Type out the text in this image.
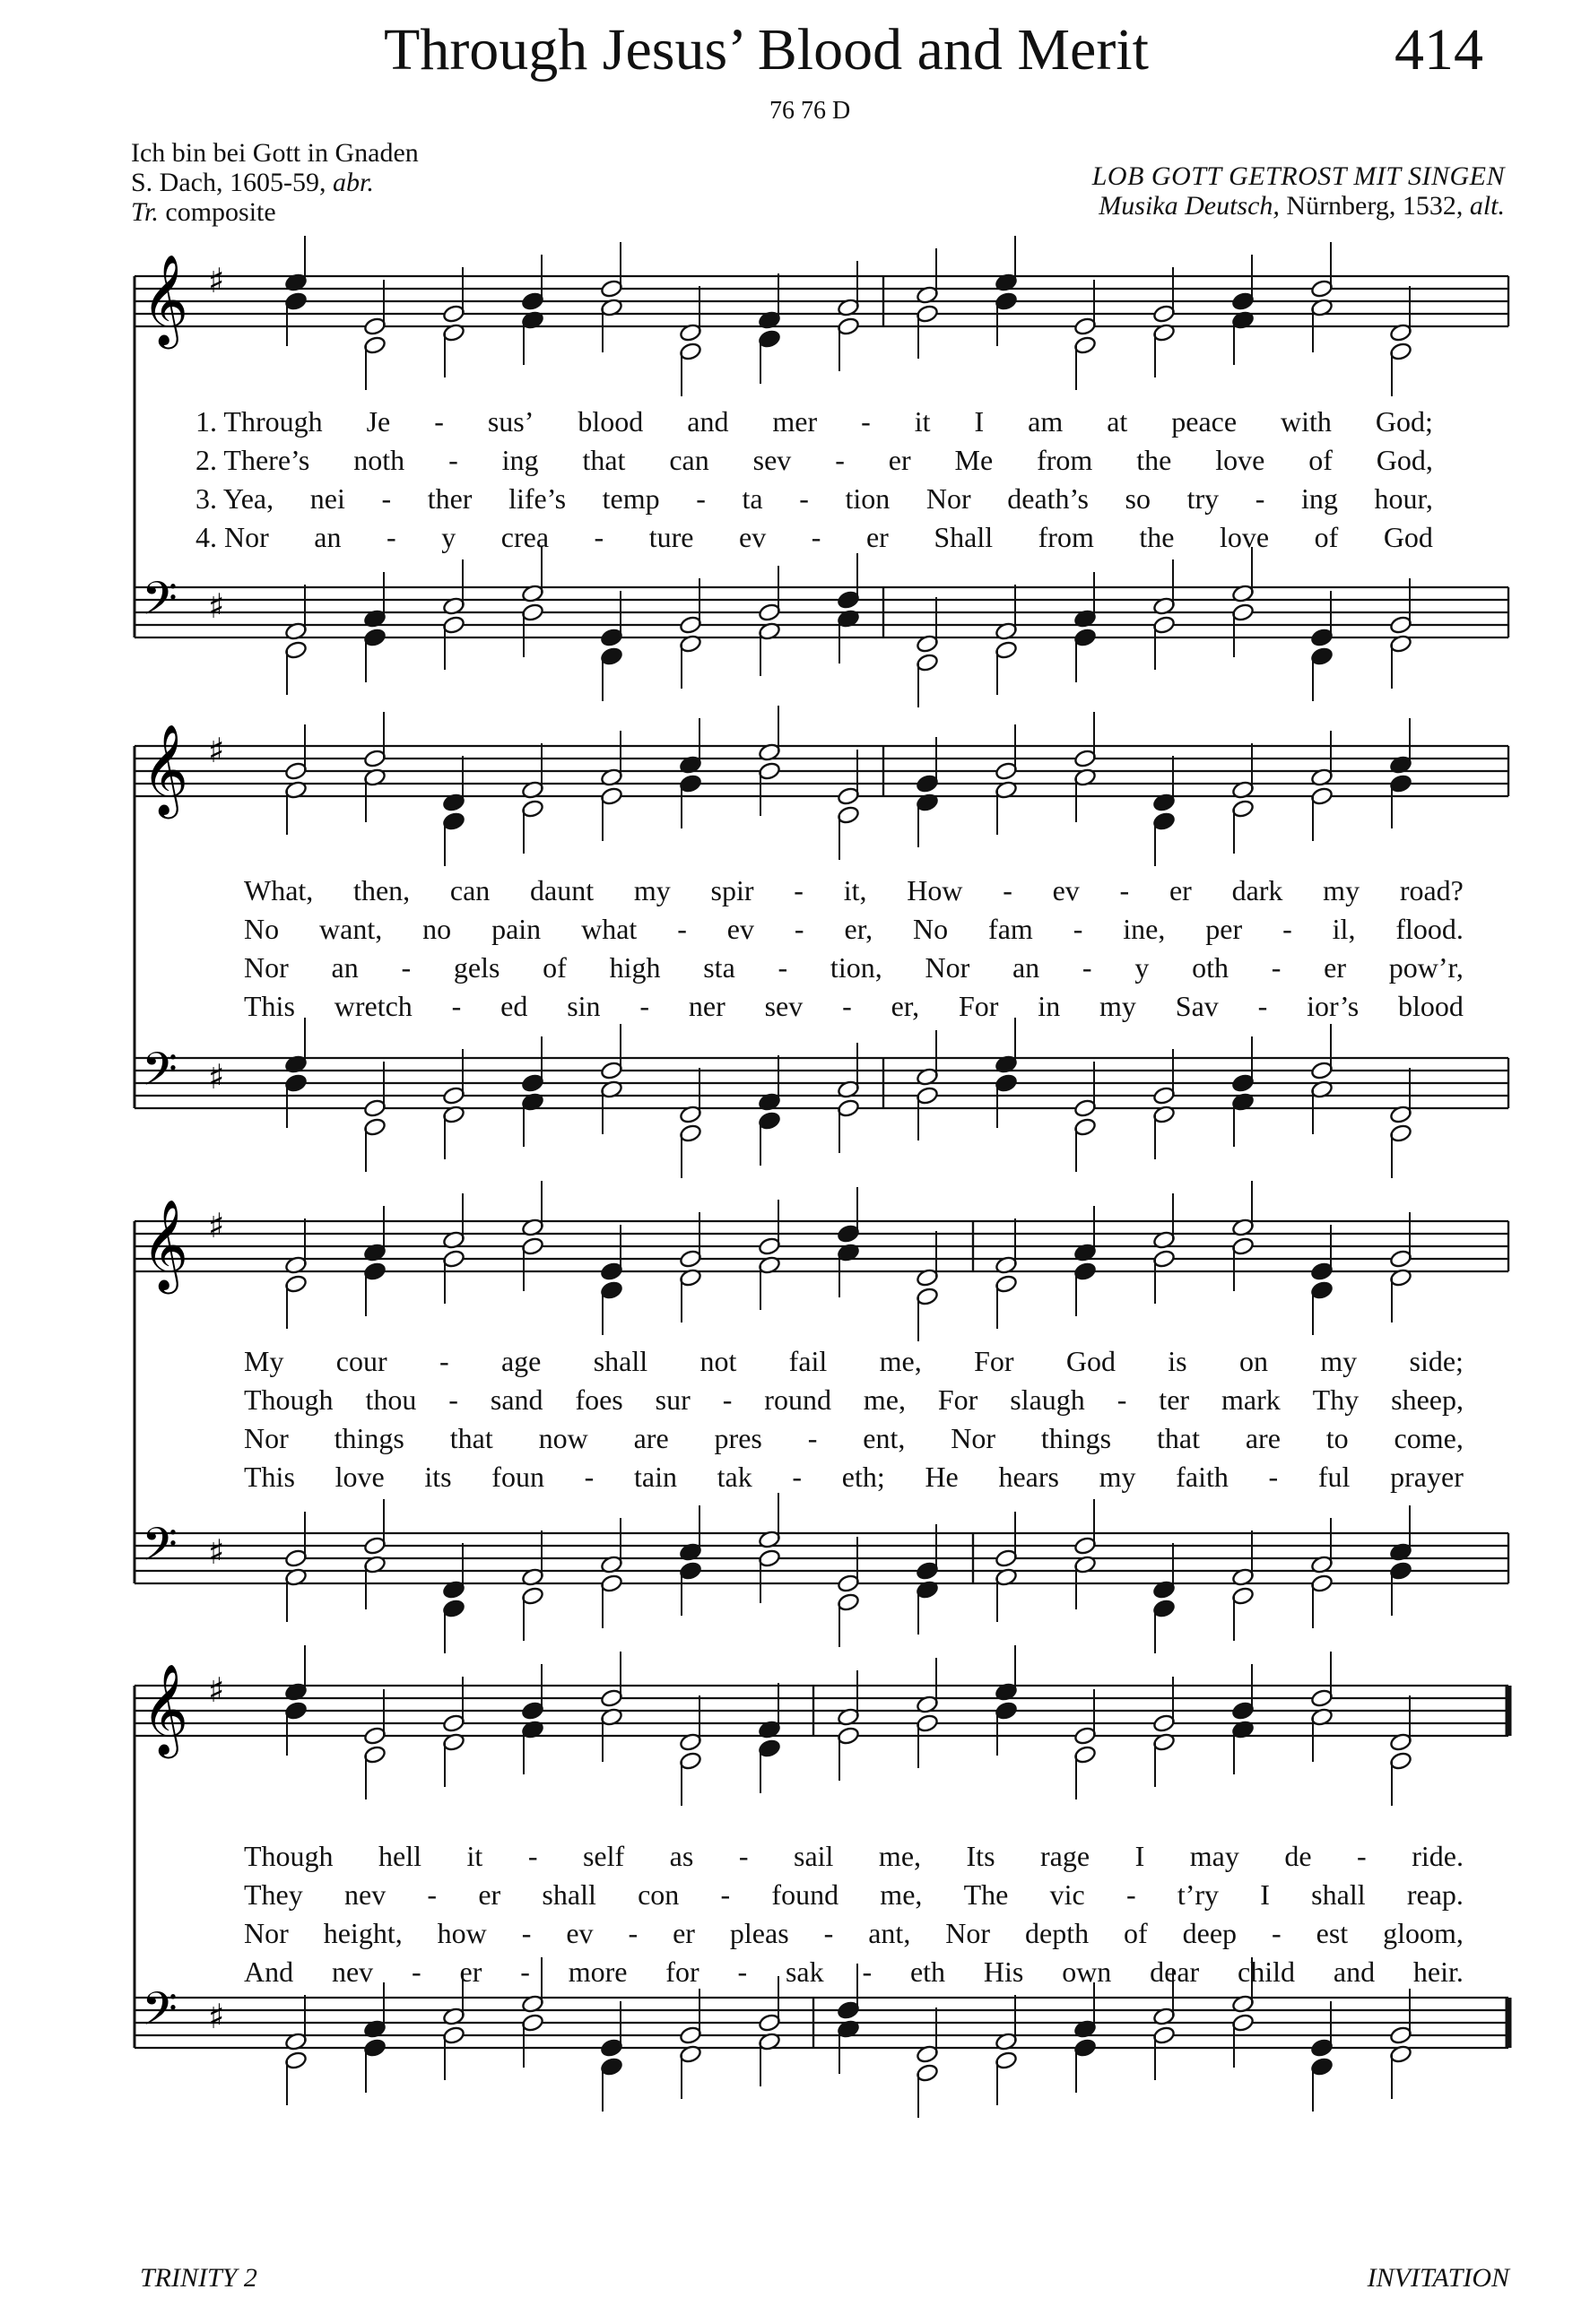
Through Jesus’ Blood and Merit	414
76 76 D
Ich bin bei Gott in Gnaden
S. Dach, 1605-59, abr.
Tr. composite
LOB GOTT GETROST MIT SINGEN
Musika Deutsch, Nürnberg, 1532, alt.
𝄞 ♯
𝄢 ♯
𝄞 ♯
𝄢 ♯
𝄞 ♯
𝄢 ♯
𝄞 ♯
𝄢 ♯
TRINITY 2	INVITATION
1. Through Je - sus’ blood and mer - it I am at peace with God;
2. There’s noth - ing that can sev - er Me from the love of God,
3. Yea, nei - ther life’s temp - ta - tion Nor death’s so try - ing hour,
4. Nor an - y crea - ture ev - er Shall from the love of God
What, then, can daunt my spir - it, How - ev - er dark my road?
No want, no pain what - ev - er, No fam - ine, per - il, flood.
Nor an - gels of high sta - tion, Nor an - y oth - er pow’r,
This wretch - ed sin - ner sev - er, For in my Sav - ior’s blood
My cour - age shall not fail me, For God is on my side;
Though thou - sand foes sur - round me, For slaugh - ter mark Thy sheep,
Nor things that now are pres - ent, Nor things that are to come,
This love its foun - tain tak - eth; He hears my faith - ful prayer
Though hell it - self as - sail me, Its rage I may de - ride.
They nev - er shall con - found me, The vic - t’ry I shall reap.
Nor height, how - ev - er pleas - ant, Nor depth of deep - est gloom,
And nev - er - more for - sak - eth His own dear child and heir.
